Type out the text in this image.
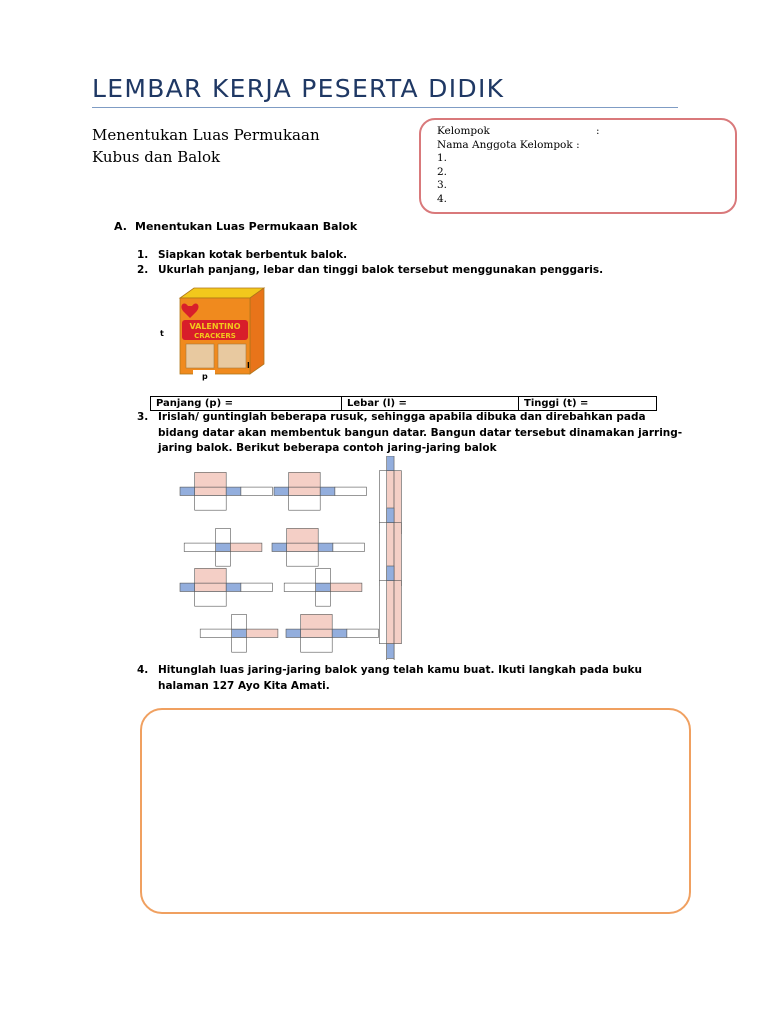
LEMBAR KERJA PESERTA DIDIK
Menentukan Luas Permukaan
Kubus dan Balok
Kelompok	:
Nama Anggota Kelompok :
1.
2.
3.
4.
A. Menentukan Luas Permukaan Balok
1. Siapkan kotak berbentuk balok.
2. Ukurlah panjang, lebar dan tinggi balok tersebut menggunakan penggaris.
VALENTINO
CRACKERS
t
l
p
Panjang (p) =	Lebar (l) =	Tinggi (t) =
3. Irislah/ guntinglah beberapa rusuk, sehingga apabila dibuka dan direbahkan pada
bidang datar akan membentuk bangun datar. Bangun datar tersebut dinamakan jarring-
jaring balok. Berikut beberapa contoh jaring-jaring balok
4. Hitunglah luas jaring-jaring balok yang telah kamu buat. Ikuti langkah pada buku
halaman 127 Ayo Kita Amati.
